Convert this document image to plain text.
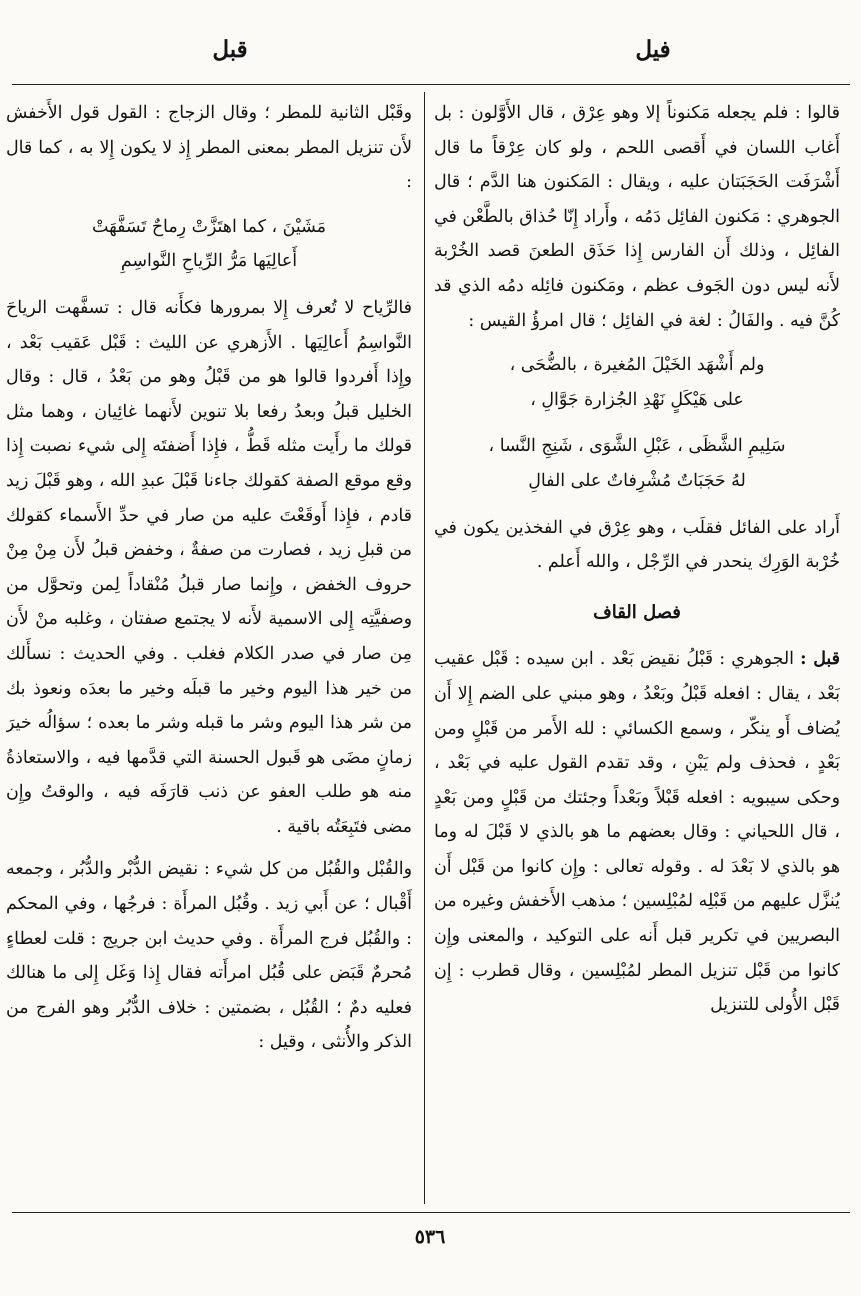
فيل
قبل

قالوا : فلم يجعله مَكنوناً إلا وهو عِرْق ، قال الأَوَّلون : بل أَغاب اللسان في أَقصى اللحم ، ولو كان عِرْقاً ما قال أَشْرَفَت الحَجَبَتان عليه ، ويقال : المَكنون هنا الدَّم ؛ قال الجوهري : مَكنون الفائِل دَمُه ، وأَراد إِنّا حُذاق بالطَّعْن في الفائِل ، وذلك أَن الفارس إِذا حَذَق الطعنَ قصد الخُرْبة لأَنه ليس دون الجَوف عظم ، ومَكنون فائِله دمُه الذي قد كُنَّ فيه . والفَالُ : لغة في الفائِل ؛ قال امرؤُ القيس :

ولم أَشْهَد الخَيْلَ المُغيرة ، بالضُّحَى ،

على هَيْكَلٍ نَهْدِ الجُزارة جَوَّالِ ،

سَلِيمِ الشَّظَى ، عَبْلِ الشَّوَى ، شَنِجِ النَّسا ،

لهُ حَجَبَاتٌ مُشْرِفاتٌ على الفالِ

أَراد على الفائل فقلَب ، وهو عِرْق في الفخذين يكون في خُرْبة الوَرِك ينحدر في الرِّجْل ، والله أَعلم .

فصل القاف

قبل : الجوهري : قَبْلُ نقيض بَعْد . ابن سيده : قَبْل عقيب بَعْد ، يقال : افعله قَبْلُ وبَعْدُ ، وهو مبني على الضم إِلا أَن يُضاف أَو ينكّر ، وسمع الكسائي : لله الأَمر من قَبْلٍ ومن بَعْدٍ ، فحذف ولم يَبْنِ ، وقد تقدم القول عليه في بَعْد ، وحكى سيبويه : افعله قَبْلاً وبَعْداً وجئتك من قَبْلٍ ومن بَعْدٍ ، قال اللحياني : وقال بعضهم ما هو بالذي لا قَبْلَ له وما هو بالذي لا بَعْدَ له . وقوله تعالى : وإِن كانوا من قَبْل أَن يُنزَّل عليهم من قَبْلِه لمُبْلِسين ؛ مذهب الأَخفش وغيره من البصريين في تكرير قبل أَنه على التوكيد ، والمعنى وإِن كانوا من قَبْل تنزيل المطر لمُبْلِسين ، وقال قطرب : إِن قَبْل الأُولى للتنزيل

وقَبْل الثانية للمطر ؛ وقال الزجاج : القول قول الأَخفش لأَن تنزيل المطر بمعنى المطر إِذ لا يكون إِلا به ، كما قال :

مَشَيْنَ ، كما اهتَزَّتْ رِماحٌ تَسَفَّهَتْ

أَعالِيَها مَرُّ الرِّياحِ النَّواسِمِ

فالرِّياح لا تُعرف إِلا بمرورها فكأَنه قال : تسفَّهت الرياحَ النَّواسِمُ أَعالِيَها . الأَزهري عن الليث : قَبْل عَقيب بَعْد ، وإِذا أَفردوا قالوا هو من قَبْلُ وهو من بَعْدُ ، قال : وقال الخليل قبلُ وبعدُ رفعا بلا تنوين لأَنهما غائِيان ، وهما مثل قولك ما رأَيت مثله قَطُّ ، فإِذا أَضفتَه إِلى شيء نصبت إِذا وقع موقع الصفة كقولك جاءنا قَبْلَ عبدِ الله ، وهو قَبْلَ زيد قادم ، فإِذا أَوقَعْتَ عليه من صار في حدِّ الأَسماء كقولك من قبلِ زيد ، فصارت من صفةٌ ، وخفض قبلُ لأَن مِنْ مِنْ حروف الخفض ، وإِنما صار قبلُ مُنْقاداً لِمن وتحوَّل من وصفيَّتِه إِلى الاسمية لأَنه لا يجتمع صفتان ، وغلبه منْ لأَن مِن صار في صدر الكلام فغلب . وفي الحديث : نسأَلك من خير هذا اليوم وخير ما قبلَه وخير ما بعدَه ونعوذ بك من شر هذا اليوم وشر ما قبله وشر ما بعده ؛ سؤالُه خيرَ زمانٍ مضَى هو قَبول الحسنة التي قدَّمها فيه ، والاستعاذةُ منه هو طلب العفو عن ذنب قارَفَه فيه ، والوقتُ وإِن مضى فتَبِعَتُه باقية .

والقُبْل والقُبُل من كل شيء : نقيض الدُّبْر والدُّبُر ، وجمعه أَقْبال ؛ عن أَبي زيد . وقُبُل المرأَة : فرجُها ، وفي المحكم : والقُبُل فرج المرأَة . وفي حديث ابن جريج : قلت لعطاءٍ مُحرمٌ قَبَض على قُبُل امرأَته فقال إِذا وَغَل إِلى ما هنالك فعليه دمٌ ؛ القُبُل ، بضمتين : خلاف الدُّبُر وهو الفرج من الذكر والأُنثى ، وقيل :

٥٣٦
